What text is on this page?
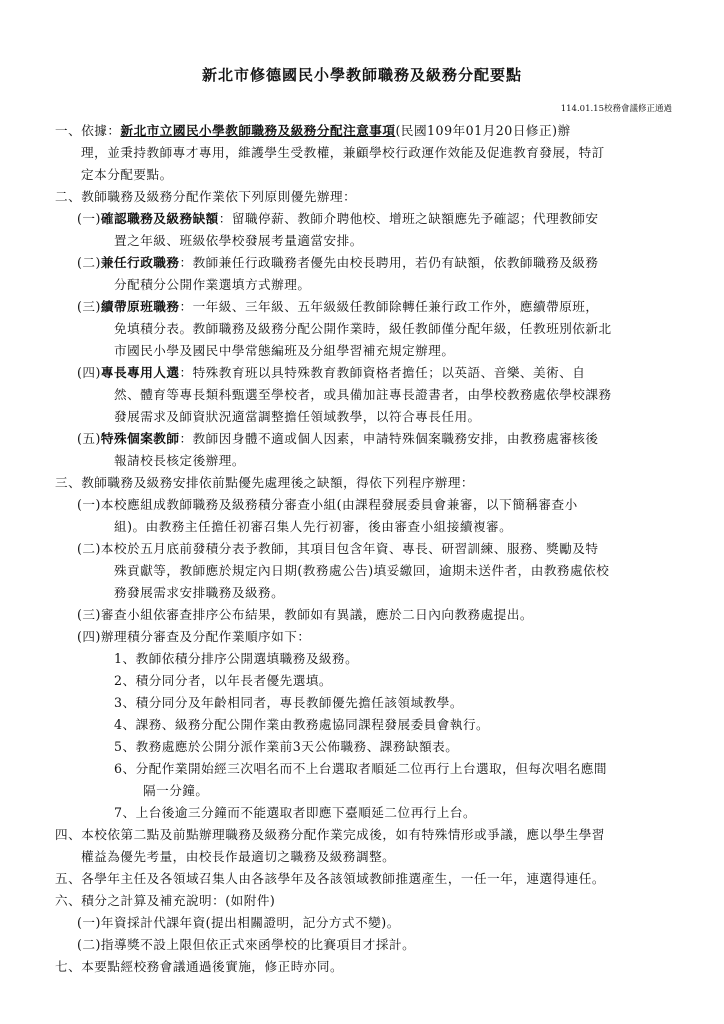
新北市修德國民小學教師職務及級務分配要點
114.01.15校務會議修正通過
一、依據：新北市立國民小學教師職務及級務分配注意事項(民國109年01月20日修正)辦
理，並秉持教師專才專用，維護學生受教權，兼顧學校行政運作效能及促進教育發展，特訂
定本分配要點。
二、教師職務及級務分配作業依下列原則優先辦理：
(一)確認職務及級務缺額：留職停薪、教師介聘他校、增班之缺額應先予確認；代理教師安
置之年級、班級依學校發展考量適當安排。
(二)兼任行政職務：教師兼任行政職務者優先由校長聘用，若仍有缺額，依教師職務及級務
分配積分公開作業選填方式辦理。
(三)續帶原班職務：一年級、三年級、五年級級任教師除轉任兼行政工作外，應續帶原班，
免填積分表。教師職務及級務分配公開作業時，級任教師僅分配年級，任教班別依新北
市國民小學及國民中學常態編班及分組學習補充規定辦理。
(四)專長專用人選：特殊教育班以具特殊教育教師資格者擔任；以英語、音樂、美術、自
然、體育等專長類科甄選至學校者，或具備加註專長證書者，由學校教務處依學校課務
發展需求及師資狀況適當調整擔任領域教學，以符合專長任用。
(五)特殊個案教師：教師因身體不適或個人因素，申請特殊個案職務安排，由教務處審核後
報請校長核定後辦理。
三、教師職務及級務安排依前點優先處理後之缺額，得依下列程序辦理：
(一)本校應組成教師職務及級務積分審查小組(由課程發展委員會兼審，以下簡稱審查小
組)。由教務主任擔任初審召集人先行初審，後由審查小組接續複審。
(二)本校於五月底前發積分表予教師，其項目包含年資、專長、研習訓練、服務、獎勵及特
殊貢獻等，教師應於規定內日期(教務處公告)填妥繳回，逾期未送件者，由教務處依校
務發展需求安排職務及級務。
(三)審查小組依審查排序公布結果，教師如有異議，應於二日內向教務處提出。
(四)辦理積分審查及分配作業順序如下：
1、教師依積分排序公開選填職務及級務。
2、積分同分者，以年長者優先選填。
3、積分同分及年齡相同者，專長教師優先擔任該領域教學。
4、課務、級務分配公開作業由教務處協同課程發展委員會執行。
5、教務處應於公開分派作業前3天公佈職務、課務缺額表。
6、分配作業開始經三次唱名而不上台選取者順延二位再行上台選取，但每次唱名應間
隔一分鐘。
7、上台後逾三分鐘而不能選取者即應下臺順延二位再行上台。
四、本校依第二點及前點辦理職務及級務分配作業完成後，如有特殊情形或爭議，應以學生學習
權益為優先考量，由校長作最適切之職務及級務調整。
五、各學年主任及各領域召集人由各該學年及各該領域教師推選產生，一任一年，連選得連任。
六、積分之計算及補充說明：(如附件)
(一)年資採計代課年資(提出相關證明，記分方式不變)。
(二)指導獎不設上限但依正式來函學校的比賽項目才採計。
七、本要點經校務會議通過後實施，修正時亦同。
